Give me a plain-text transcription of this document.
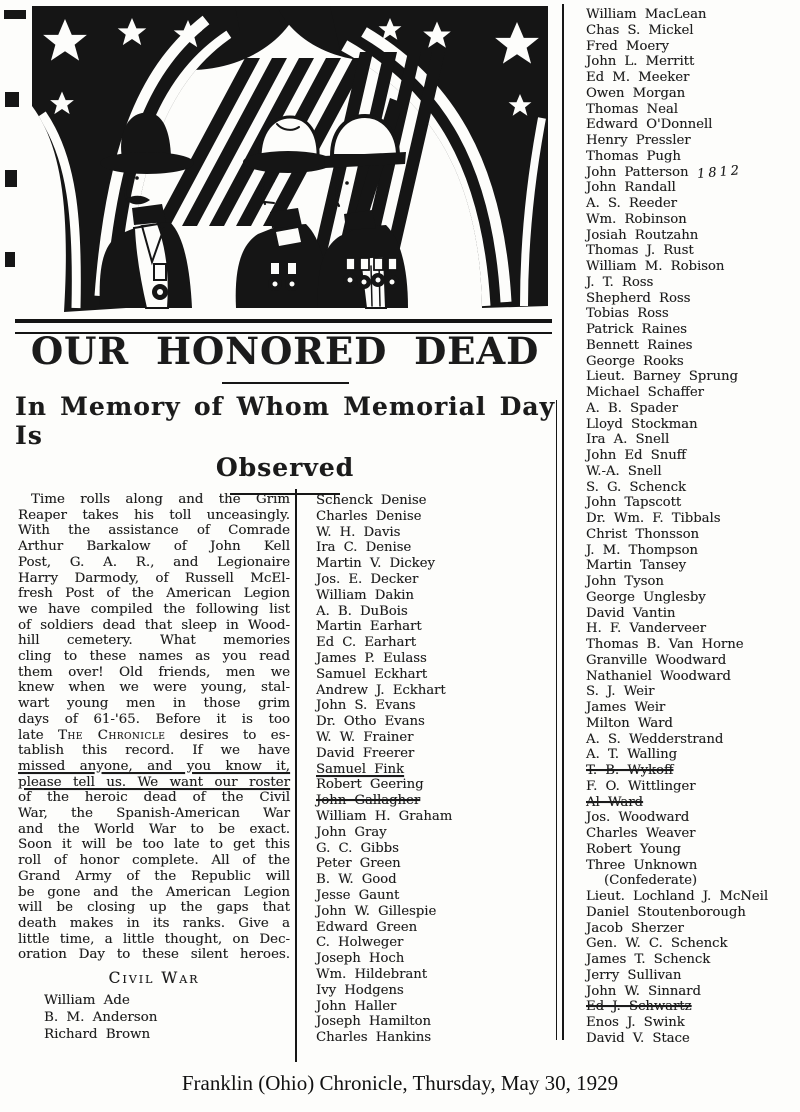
OUR HONORED DEAD
In Memory of Whom Memorial Day Is
Observed
Time rolls along and the Grim
Reaper takes his toll unceasingly.
With the assistance of Comrade
Arthur Barkalow of John Kell
Post, G. A. R., and Legionaire
Harry Darmody, of Russell McEl-
fresh Post of the American Legion
we have compiled the following list
of soldiers dead that sleep in Wood-
hill cemetery. What memories
cling to these names as you read
them over! Old friends, men we
knew when we were young, stal-
wart young men in those grim
days of 61-'65. Before it is too
late The Chronicle desires to es-
tablish this record. If we have
missed anyone, and you know it,
please tell us. We want our roster
of the heroic dead of the Civil
War, the Spanish-American War
and the World War to be exact.
Soon it will be too late to get this
roll of honor complete. All of the
Grand Army of the Republic will
be gone and the American Legion
will be closing up the gaps that
death makes in its ranks. Give a
little time, a little thought, on Dec-
oration Day to these silent heroes.
Civil War
William Ade
B. M. Anderson
Richard Brown
Schenck Denise
Charles Denise
W. H. Davis
Ira C. Denise
Martin V. Dickey
Jos. E. Decker
William Dakin
A. B. DuBois
Martin Earhart
Ed C. Earhart
James P. Eulass
Samuel Eckhart
Andrew J. Eckhart
John S. Evans
Dr. Otho Evans
W. W. Frainer
David Freerer
Samuel Fink
Robert Geering
John Gallagher
William H. Graham
John Gray
G. C. Gibbs
Peter Green
B. W. Good
Jesse Gaunt
John W. Gillespie
Edward Green
C. Holweger
Joseph Hoch
Wm. Hildebrant
Ivy Hodgens
John Haller
Joseph Hamilton
Charles Hankins
William MacLean
Chas S. Mickel
Fred Moery
John L. Merritt
Ed M. Meeker
Owen Morgan
Thomas Neal
Edward O'Donnell
Henry Pressler
Thomas Pugh
John Patterson 1812
John Randall
A. S. Reeder
Wm. Robinson
Josiah Routzahn
Thomas J. Rust
William M. Robison
J. T. Ross
Shepherd Ross
Tobias Ross
Patrick Raines
Bennett Raines
George Rooks
Lieut. Barney Sprung
Michael Schaffer
A. B. Spader
Lloyd Stockman
Ira A. Snell
John Ed Snuff
W.-A. Snell
S. G. Schenck
John Tapscott
Dr. Wm. F. Tibbals
Christ Thonsson
J. M. Thompson
Martin Tansey
John Tyson
George Unglesby
David Vantin
H. F. Vanderveer
Thomas B. Van Horne
Granville Woodward
Nathaniel Woodward
S. J. Weir
James Weir
Milton Ward
A. S. Wedderstrand
A. T. Walling
T. B. Wykoff
F. O. Wittlinger
Al Ward
Jos. Woodward
Charles Weaver
Robert Young
Three Unknown
(Confederate)
Lieut. Lochland J. McNeil
Daniel Stoutenborough
Jacob Sherzer
Gen. W. C. Schenck
James T. Schenck
Jerry Sullivan
John W. Sinnard
Ed J. Schwartz
Enos J. Swink
David V. Stace
Franklin (Ohio) Chronicle, Thursday, May 30, 1929
